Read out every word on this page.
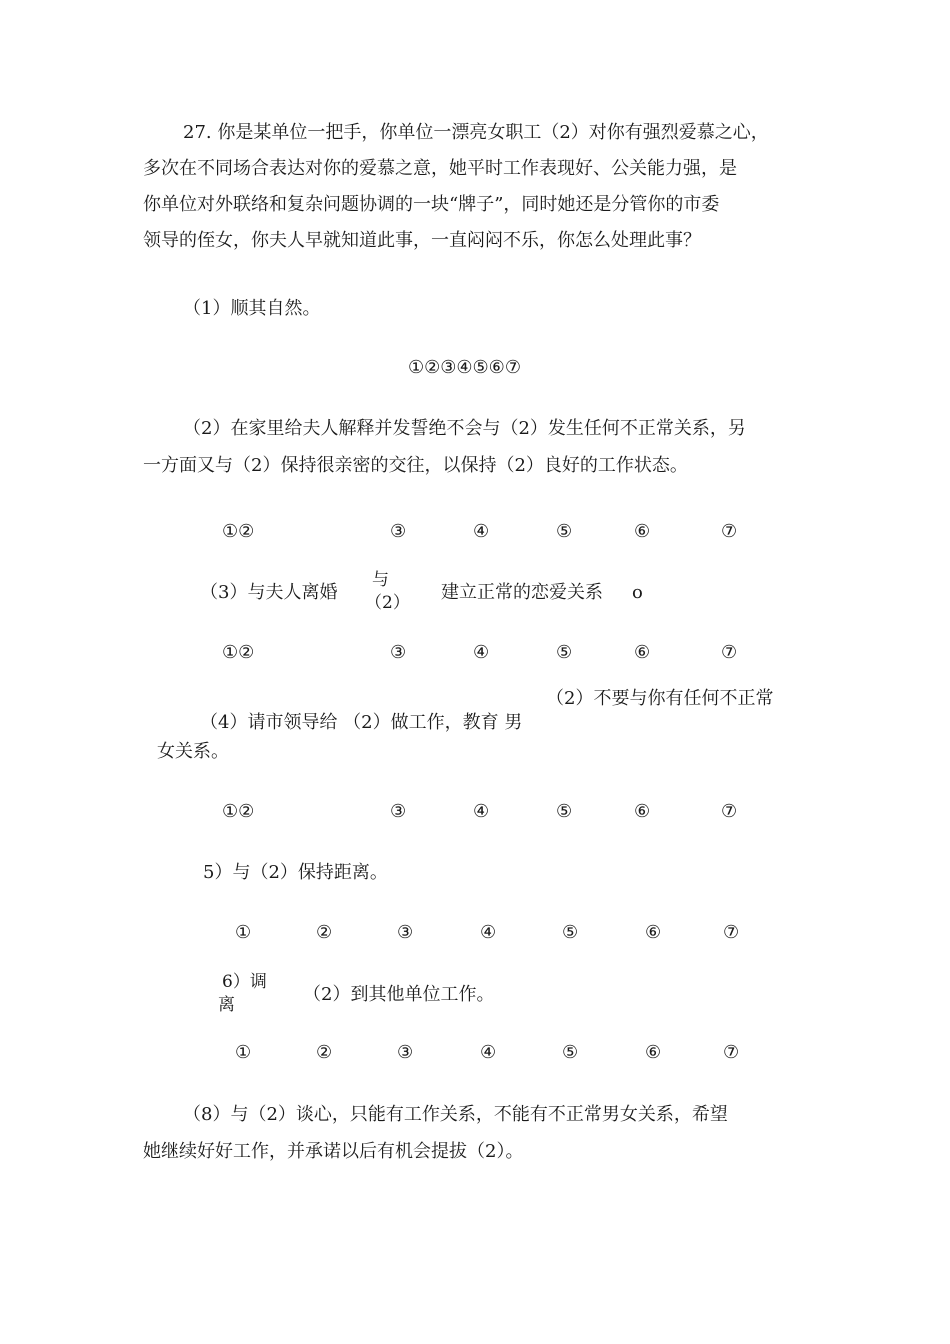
27. 你是某单位一把手，你单位一漂亮女职工（2）对你有强烈爱慕之心，
多次在不同场合表达对你的爱慕之意，她平时工作表现好、公关能力强，是
你单位对外联络和复杂问题协调的一块“牌子”，同时她还是分管你的市委
领导的侄女，你夫人早就知道此事，一直闷闷不乐，你怎么处理此事？
（1）顺其自然。
①②③④⑤⑥⑦
（2）在家里给夫人解释并发誓绝不会与（2）发生任何不正常关系，另
一方面又与（2）保持很亲密的交往，以保持（2）良好的工作状态。
①②	③	④	⑤	⑥	⑦
（3）与夫人离婚
与
（2） 建立正常的恋爱关系 o
①②	③	④	⑤	⑥	⑦
（2）不要与你有任何不正常
（4）请市领导给 （2）做工作，教育 男
女关系。
①②	③	④	⑤	⑥	⑦
5）与（2）保持距离。
①	②	③	④	⑤	⑥	⑦
6）调
离	（2）到其他单位工作。
①	②	③	④	⑤	⑥	⑦
（8）与（2）谈心，只能有工作关系，不能有不正常男女关系，希望
她继续好好工作，并承诺以后有机会提拔（2）。
